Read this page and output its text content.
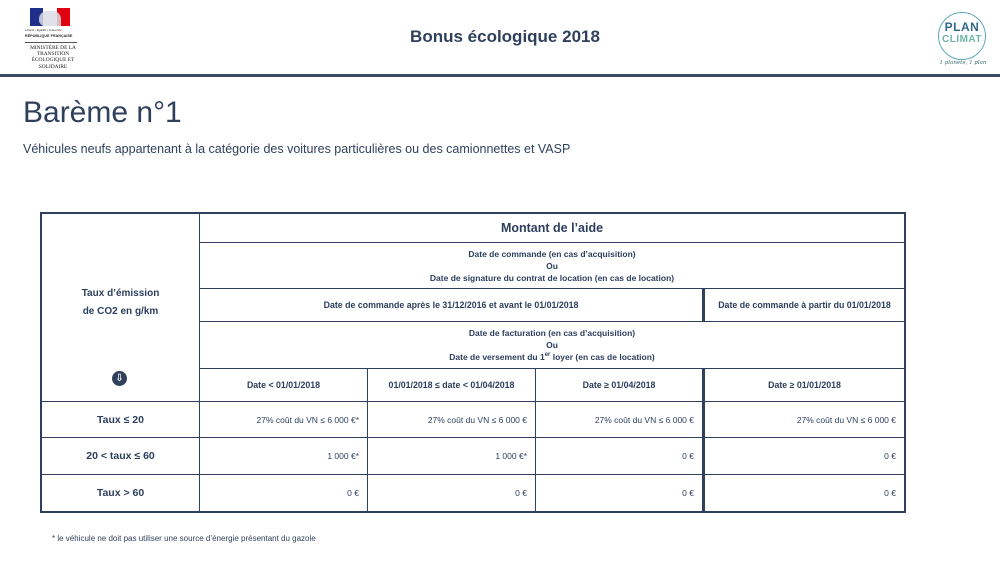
Liberté • Égalité • Fraternité
RÉPUBLIQUE FRANÇAISE
MINISTÈRE DE LA TRANSITION ÉCOLOGIQUE ET SOLIDAIRE
Bonus écologique 2018	PLAN
CLIMAT
1 planète, 1 plan
Barème n°1

Véhicules neufs appartenant à la catégorie des voitures particulières ou des camionnettes et VASP

Taux d’émission
de CO2 en g/km
⇩
Montant de l’aide
Date de commande (en cas d’acquisition)
Ou
Date de signature du contrat de location (en cas de location)
Date de commande après le 31/12/2016 et avant le 01/01/2018	Date de commande à partir du 01/01/2018
Date de facturation (en cas d’acquisition)
Ou
Date de versement du 1er loyer (en cas de location)
Date < 01/01/2018	01/01/2018 ≤ date < 01/04/2018	Date ≥ 01/04/2018	Date ≥ 01/01/2018
Taux ≤ 20	27% coût du VN ≤ 6 000 €*	27% coût du VN ≤ 6 000 €	27% coût du VN ≤ 6 000 €	27% coût du VN ≤ 6 000 €
20 < taux ≤ 60	1 000 €*	1 000 €*	0 €	0 €
Taux > 60	0 €	0 €	0 €	0 €

* le véhicule ne doit pas utiliser une source d’énergie présentant du gazole
